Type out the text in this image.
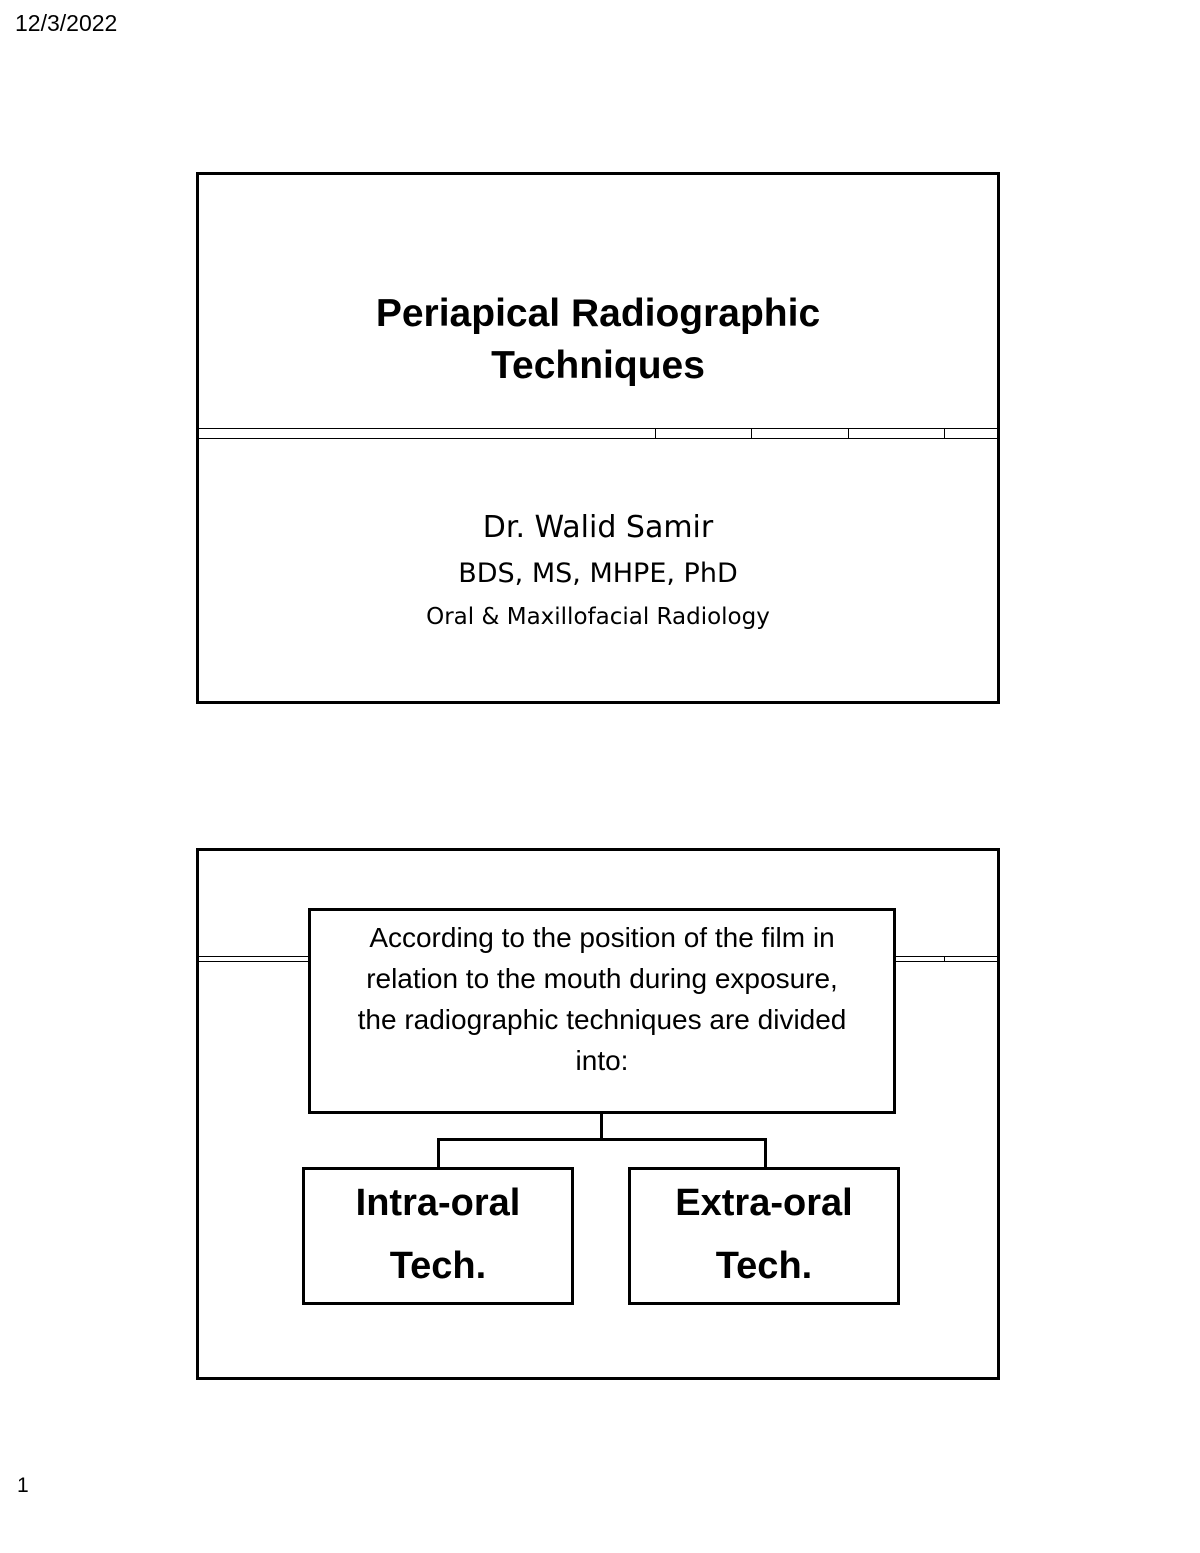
12/3/2022
Periapical Radiographic
Techniques
Dr. Walid Samir
BDS, MS, MHPE, PhD
Oral & Maxillofacial Radiology
According to the position of the film in
relation to the mouth during exposure,
the radiographic techniques are divided
into:
Intra-oral
Tech.
Extra-oral
Tech.
1
